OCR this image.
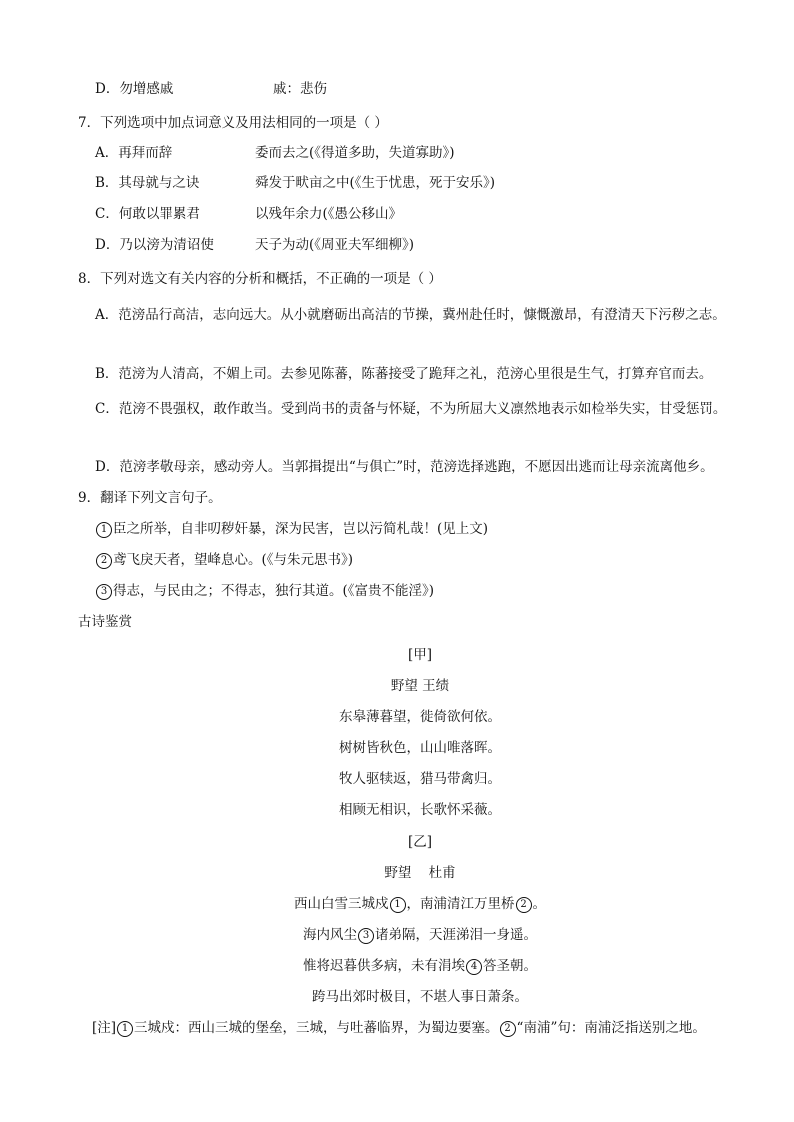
D．勿增感戚	戚：悲伤
7．下列选项中加点词意义及用法相同的一项是（ ）
A．再拜而辞	委而去之(《得道多助，失道寡助》)
B．其母就与之诀	舜发于畎亩之中(《生于忧患，死于安乐》)
C．何敢以罪累君	以残年余力(《愚公移山》
D．乃以滂为清诏使	天子为动(《周亚夫军细柳》)
8．下列对选文有关内容的分析和概括，不正确的一项是（ ）
A．范滂品行高洁，志向远大。从小就磨砺出高洁的节操，冀州赴任时，慷慨激昂，有澄清天下污秽之志。
B．范滂为人清高，不媚上司。去参见陈蕃，陈蕃接受了跪拜之礼，范滂心里很是生气，打算弃官而去。
C．范滂不畏强权，敢作敢当。受到尚书的责备与怀疑，不为所屈大义凛然地表示如检举失实，甘受惩罚。
D．范滂孝敬母亲，感动旁人。当郭揖提出“与俱亡”时，范滂选择逃跑，不愿因出逃而让母亲流离他乡。
9．翻译下列文言句子。
1 臣之所举，自非叨秽奸暴，深为民害，岂以污简札哉！(见上文)
2 鸢飞戾天者，望峰息心。(《与朱元思书》)
3 得志，与民由之；不得志，独行其道。(《富贵不能淫》)
古诗鉴赏
[甲]
野望 王绩
东皋薄暮望，徙倚欲何依。
树树皆秋色，山山唯落晖。
牧人驱犊返，猎马带禽归。
相顾无相识，长歌怀采薇。
[乙]
野望    杜甫
西山白雪三城戍 1 ，南浦清江万里桥 2 。
海内风尘 3 诸弟隔，天涯涕泪一身遥。
惟将迟暮供多病，未有涓埃 4 答圣朝。
跨马出郊时极目，不堪人事日萧条。
[注] 1 三城戍：西山三城的堡垒，三城，与吐蕃临界，为蜀边要塞。 2 “南浦”句：南浦泛指送别之地。
